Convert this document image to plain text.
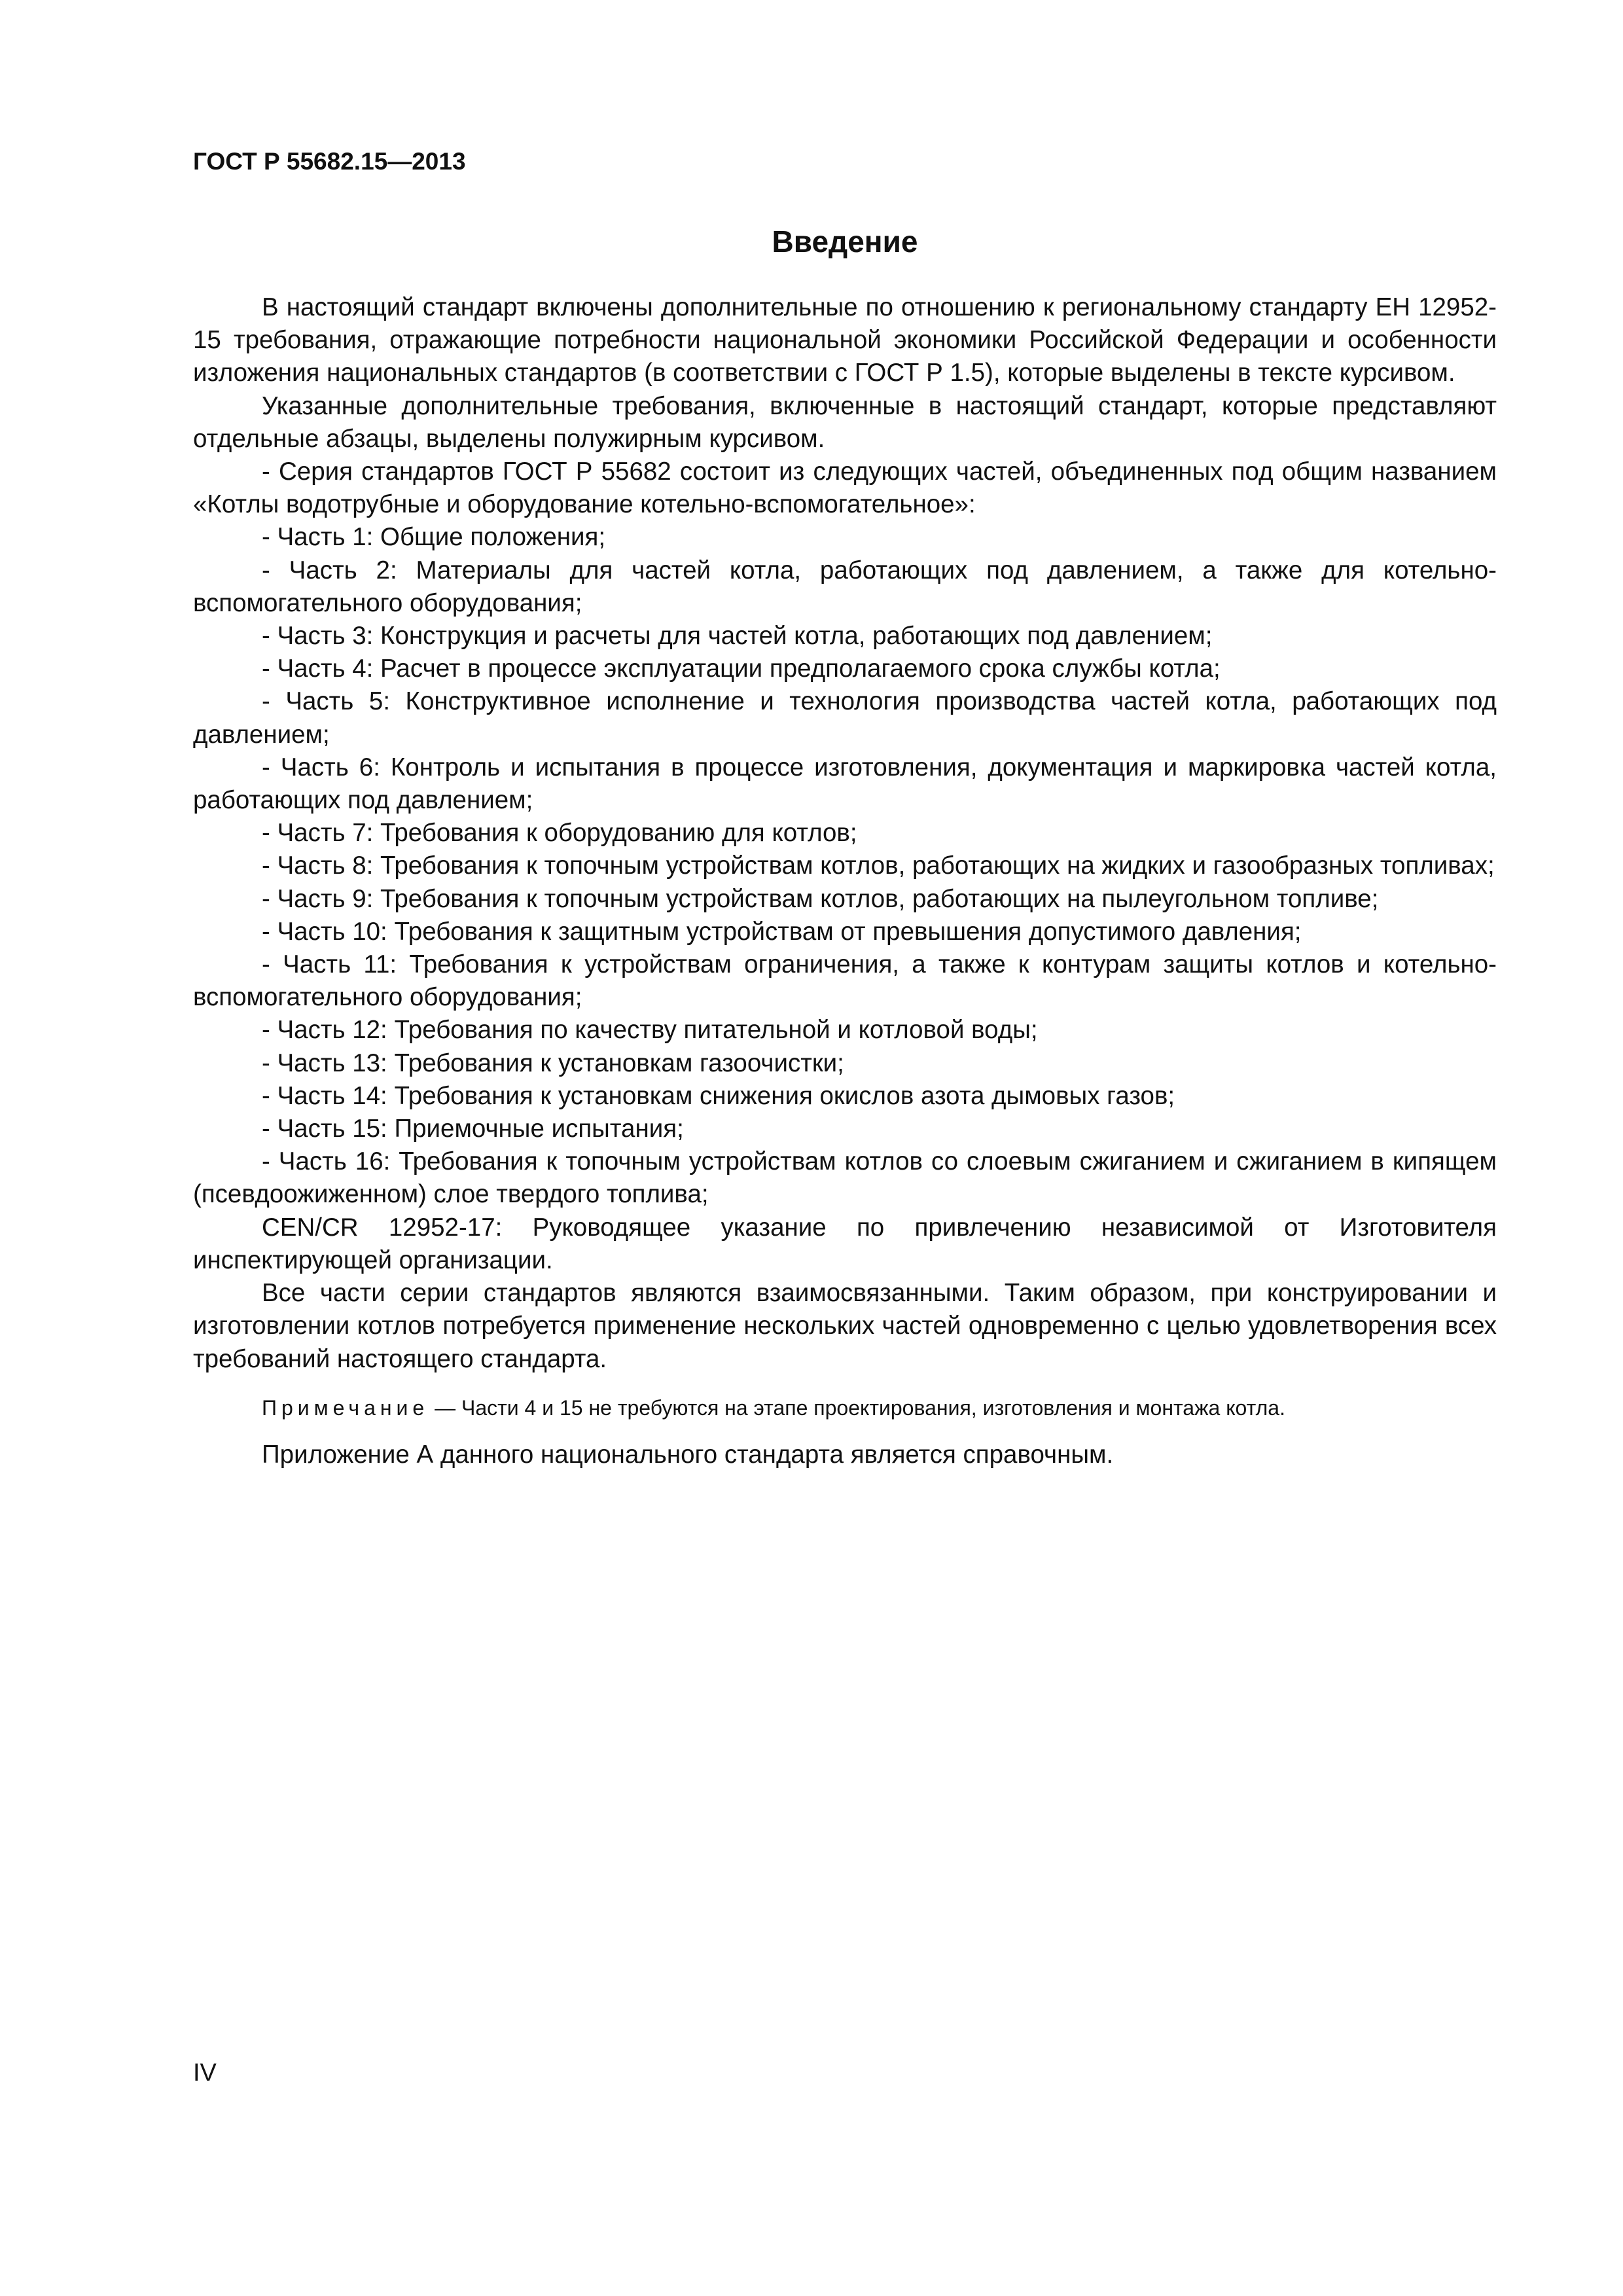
ГОСТ Р 55682.15—2013
Введение

В настоящий стандарт включены дополнительные по отношению к региональному стандарту ЕН 12952-15 требования, отражающие потребности национальной экономики Российской Федерации и особенности изложения национальных стандартов (в соответствии с ГОСТ Р 1.5), которые выделены в тексте курсивом.

Указанные дополнительные требования, включенные в настоящий стандарт, которые представляют отдельные абзацы, выделены полужирным курсивом.

- Серия стандартов ГОСТ Р 55682 состоит из следующих частей, объединенных под общим названием «Котлы водотрубные и оборудование котельно-вспомогательное»:

- Часть 1: Общие положения;

- Часть 2: Материалы для частей котла, работающих под давлением, а также для котельно-вспомогательного оборудования;

- Часть 3: Конструкция и расчеты для частей котла, работающих под давлением;

- Часть 4: Расчет в процессе эксплуатации предполагаемого срока службы котла;

- Часть 5: Конструктивное исполнение и технология производства частей котла, работающих под давлением;

- Часть 6: Контроль и испытания в процессе изготовления, документация и маркировка частей котла, работающих под давлением;

- Часть 7: Требования к оборудованию для котлов;

- Часть 8: Требования к топочным устройствам котлов, работающих на жидких и газообразных топливах;

- Часть 9: Требования к топочным устройствам котлов, работающих на пылеугольном топливе;

- Часть 10: Требования к защитным устройствам от превышения допустимого давления;

- Часть 11: Требования к устройствам ограничения, а также к контурам защиты котлов и котельно-вспомогательного оборудования;

- Часть 12: Требования по качеству питательной и котловой воды;

- Часть 13: Требования к установкам газоочистки;

- Часть 14: Требования к установкам снижения окислов азота дымовых газов;

- Часть 15: Приемочные испытания;

- Часть 16: Требования к топочным устройствам котлов со слоевым сжиганием и сжиганием в кипящем (псевдоожиженном) слое твердого топлива;

CEN/CR 12952-17: Руководящее указание по привлечению независимой от Изготовителя инспектирующей организации.

Все части серии стандартов являются взаимосвязанными. Таким образом, при конструировании и изготовлении котлов потребуется применение нескольких частей одновременно с целью удовлетворения всех требований настоящего стандарта.

Примечание — Части 4 и 15 не требуются на этапе проектирования, изготовления и монтажа котла.

Приложение А данного национального стандарта является справочным.

IV
